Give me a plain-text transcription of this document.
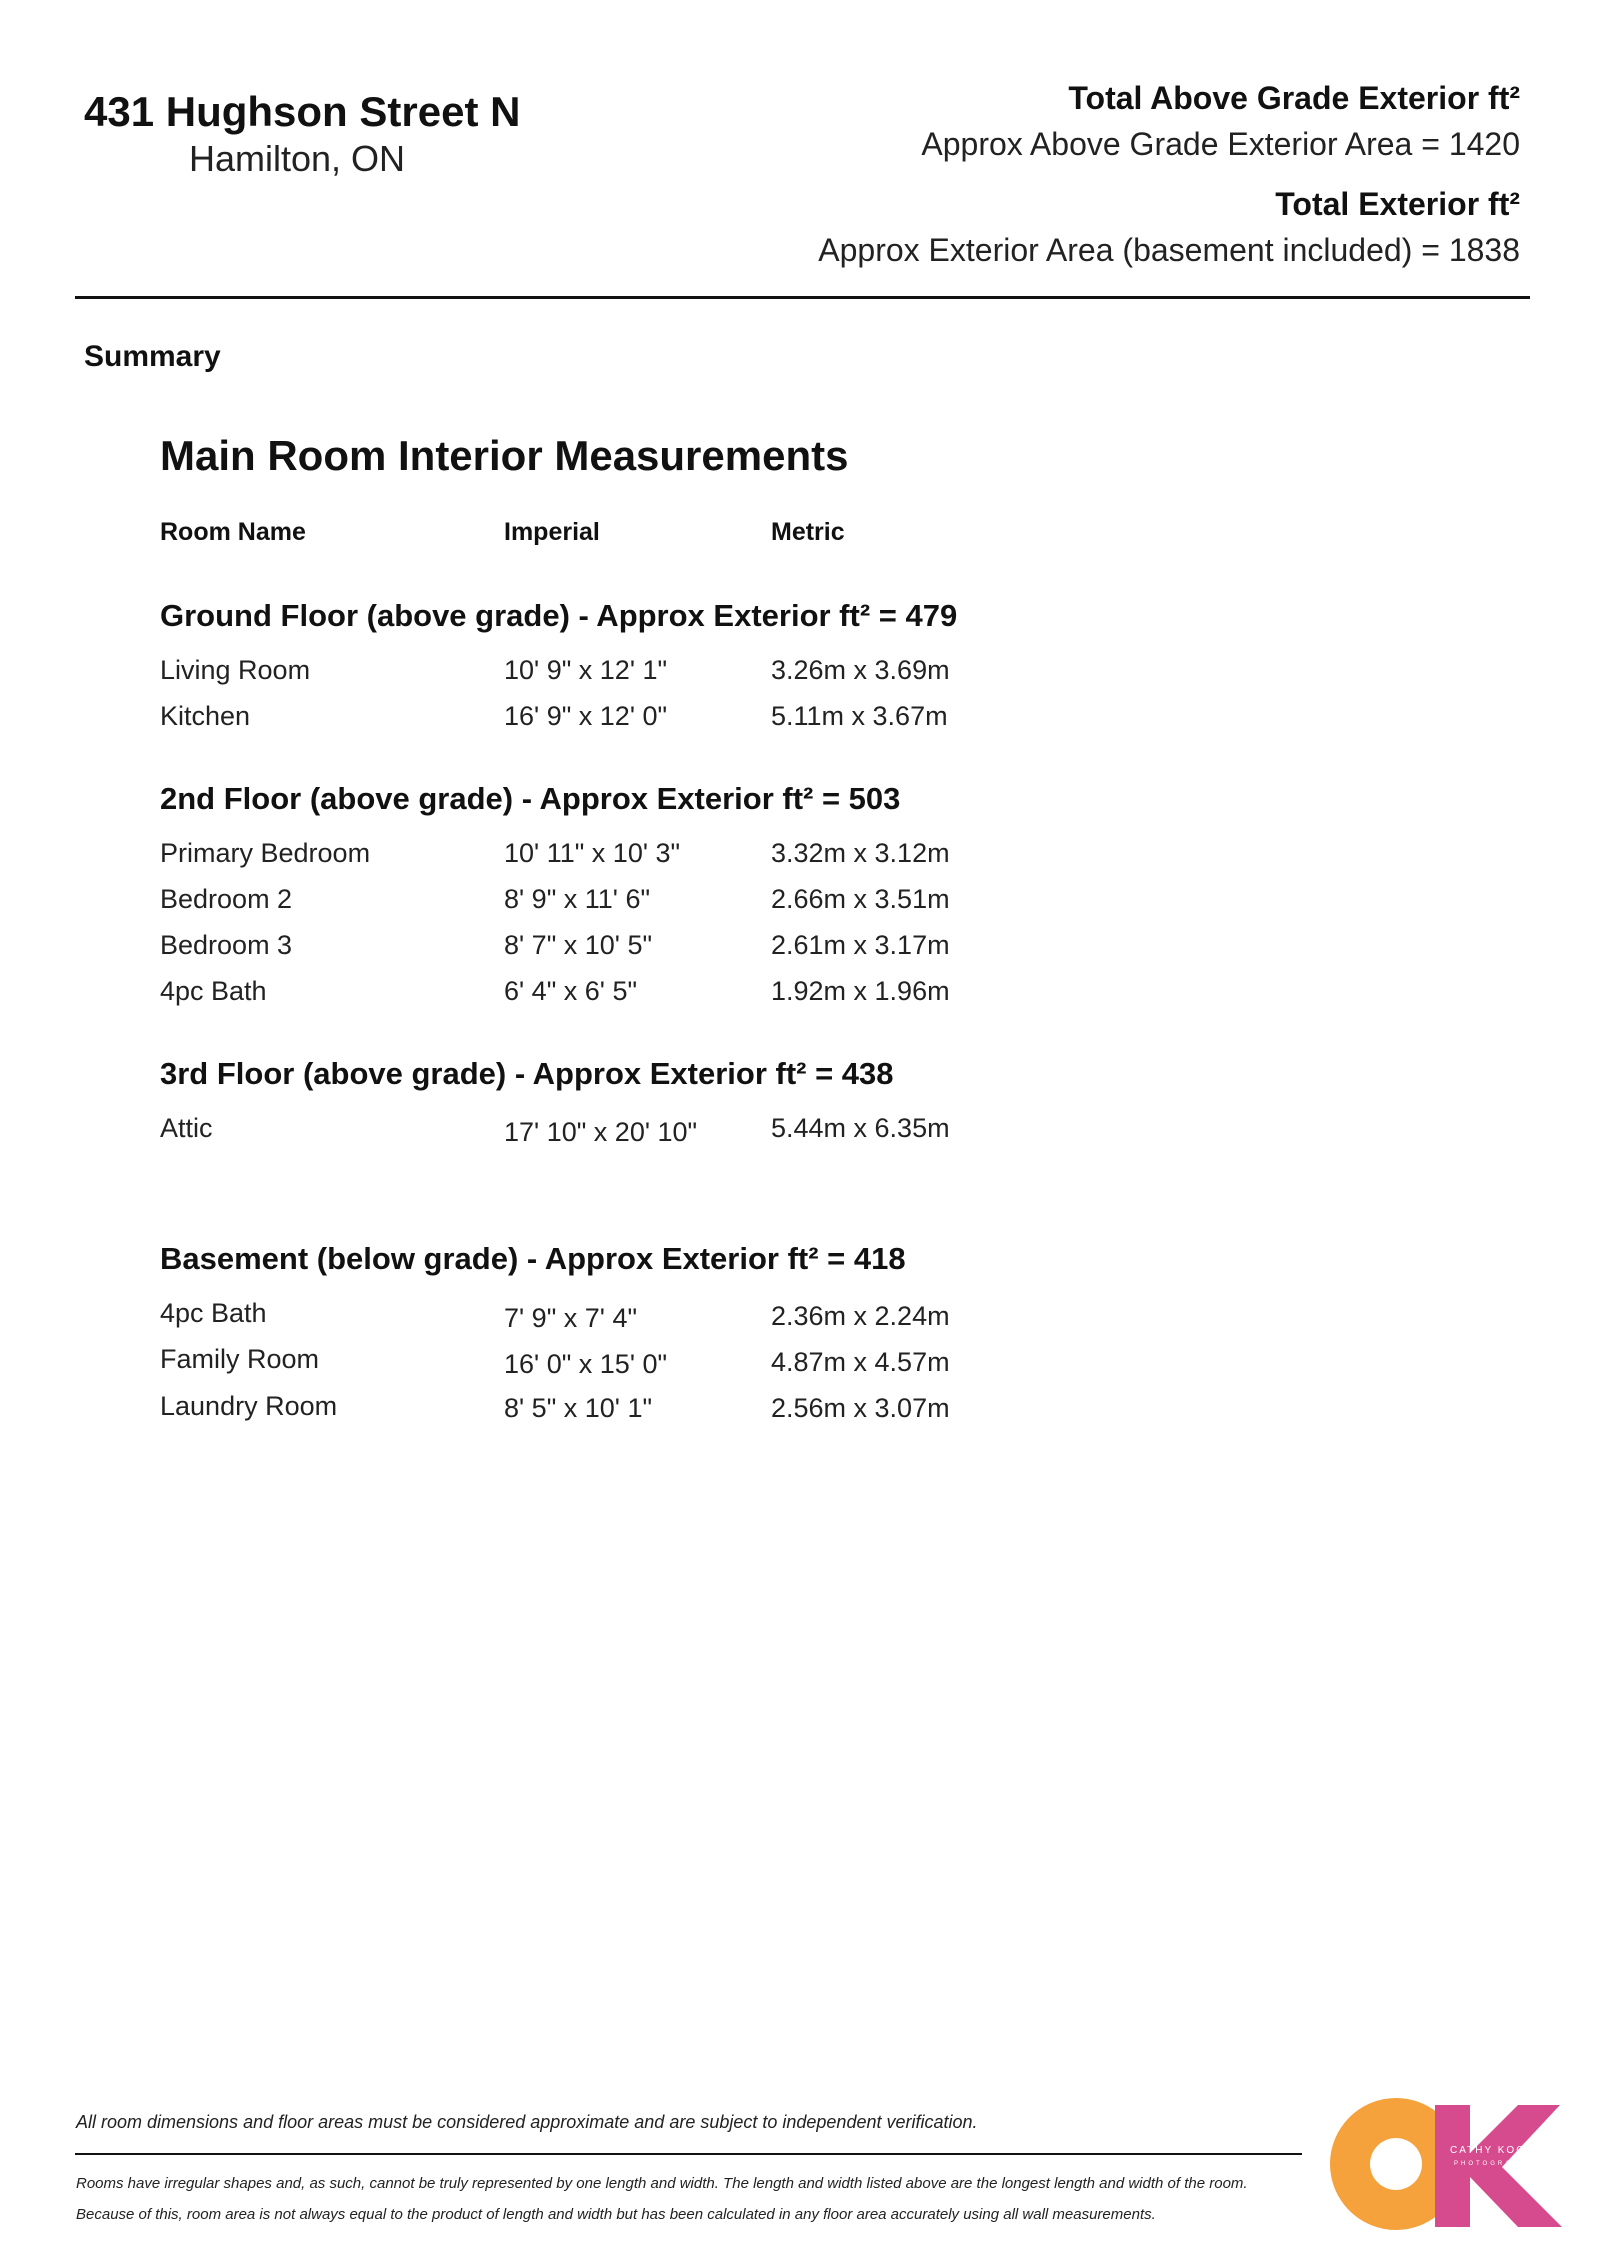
431 Hughson Street N
Hamilton, ON
Total Above Grade Exterior ft²
Approx Above Grade Exterior Area = 1420
Total Exterior ft²
Approx Exterior Area (basement included) = 1838
Summary
Main Room Interior Measurements
Room Name	Imperial	Metric
Ground Floor (above grade) - Approx Exterior ft² = 479
Living Room	10' 9" x 12' 1"	3.26m x 3.69m
Kitchen	16' 9" x 12' 0"	5.11m x 3.67m
2nd Floor (above grade) - Approx Exterior ft² = 503
Primary Bedroom	10' 11" x 10' 3"	3.32m x 3.12m
Bedroom 2	8' 9" x 11' 6"	2.66m x 3.51m
Bedroom 3	8' 7" x 10' 5"	2.61m x 3.17m
4pc Bath	6' 4" x 6' 5"	1.92m x 1.96m
3rd Floor (above grade) - Approx Exterior ft² = 438
Attic	17' 10" x 20' 10"	5.44m x 6.35m
Basement (below grade) - Approx Exterior ft² = 418
4pc Bath	7' 9" x 7' 4"	2.36m x 2.24m
Family Room	16' 0" x 15' 0"	4.87m x 4.57m
Laundry Room	8' 5" x 10' 1"	2.56m x 3.07m
All room dimensions and floor areas must be considered approximate and are subject to independent verification.
Rooms have irregular shapes and, as such, cannot be truly represented by one length and width. The length and width listed above are the longest length and width of the room.
Because of this, room area is not always equal to the product of length and width but has been calculated in any floor area accurately using all wall measurements.
CATHY KOOP
PHOTOGRAPHY
